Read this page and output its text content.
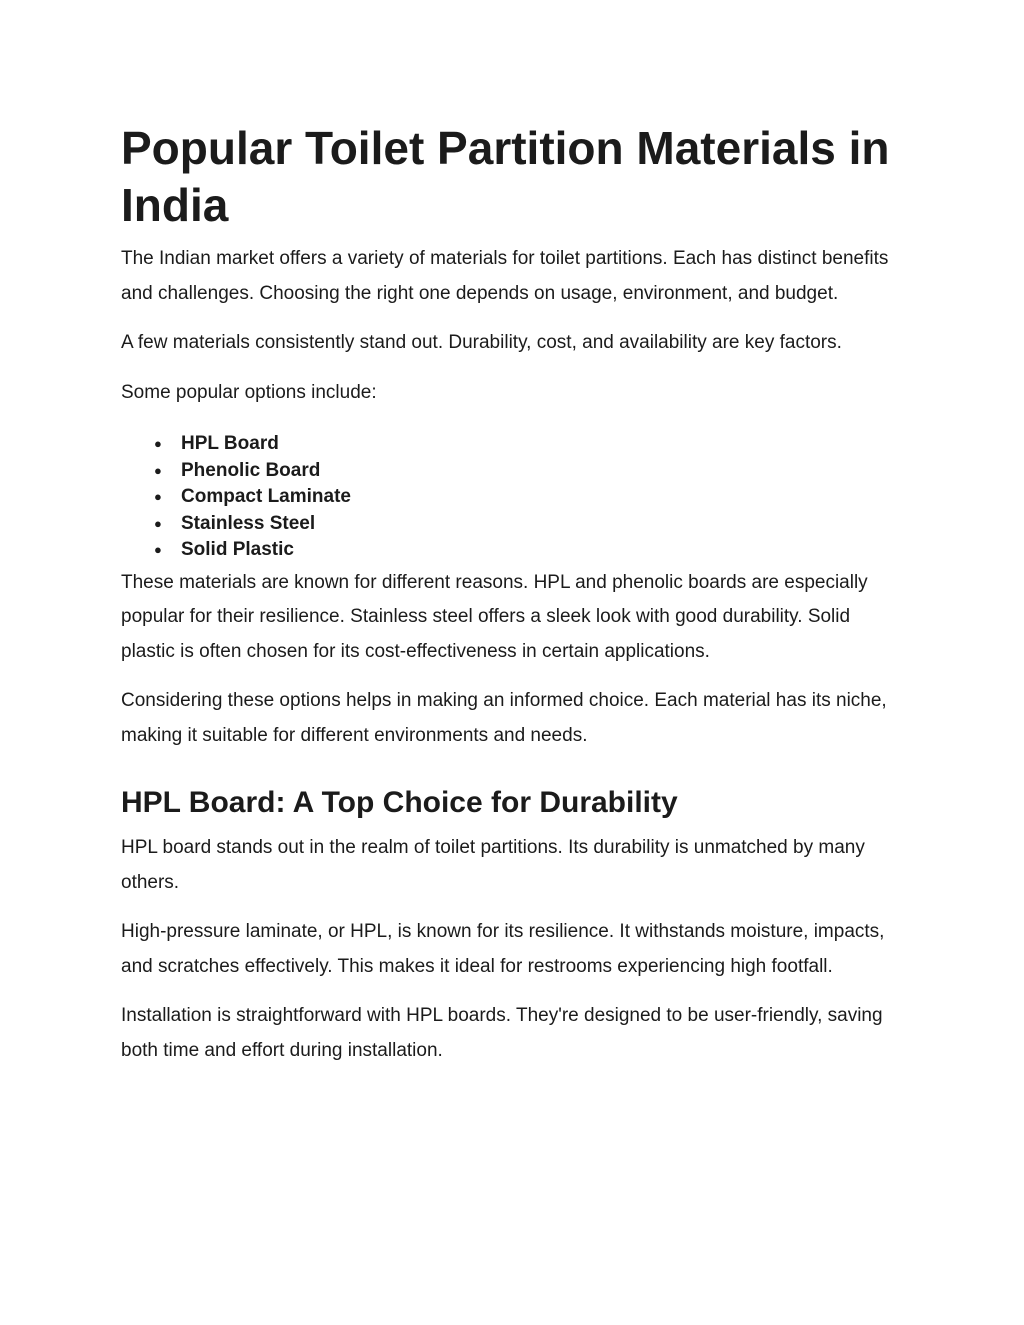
Popular Toilet Partition Materials in India

The Indian market offers a variety of materials for toilet partitions. Each has distinct benefits and challenges. Choosing the right one depends on usage, environment, and budget.

A few materials consistently stand out. Durability, cost, and availability are key factors.

Some popular options include:

● HPL Board
● Phenolic Board
● Compact Laminate
● Stainless Steel
● Solid Plastic

These materials are known for different reasons. HPL and phenolic boards are especially popular for their resilience. Stainless steel offers a sleek look with good durability. Solid plastic is often chosen for its cost-effectiveness in certain applications.

Considering these options helps in making an informed choice. Each material has its niche, making it suitable for different environments and needs.

HPL Board: A Top Choice for Durability

HPL board stands out in the realm of toilet partitions. Its durability is unmatched by many others.

High-pressure laminate, or HPL, is known for its resilience. It withstands moisture, impacts, and scratches effectively. This makes it ideal for restrooms experiencing high footfall.

Installation is straightforward with HPL boards. They're designed to be user-friendly, saving both time and effort during installation.
